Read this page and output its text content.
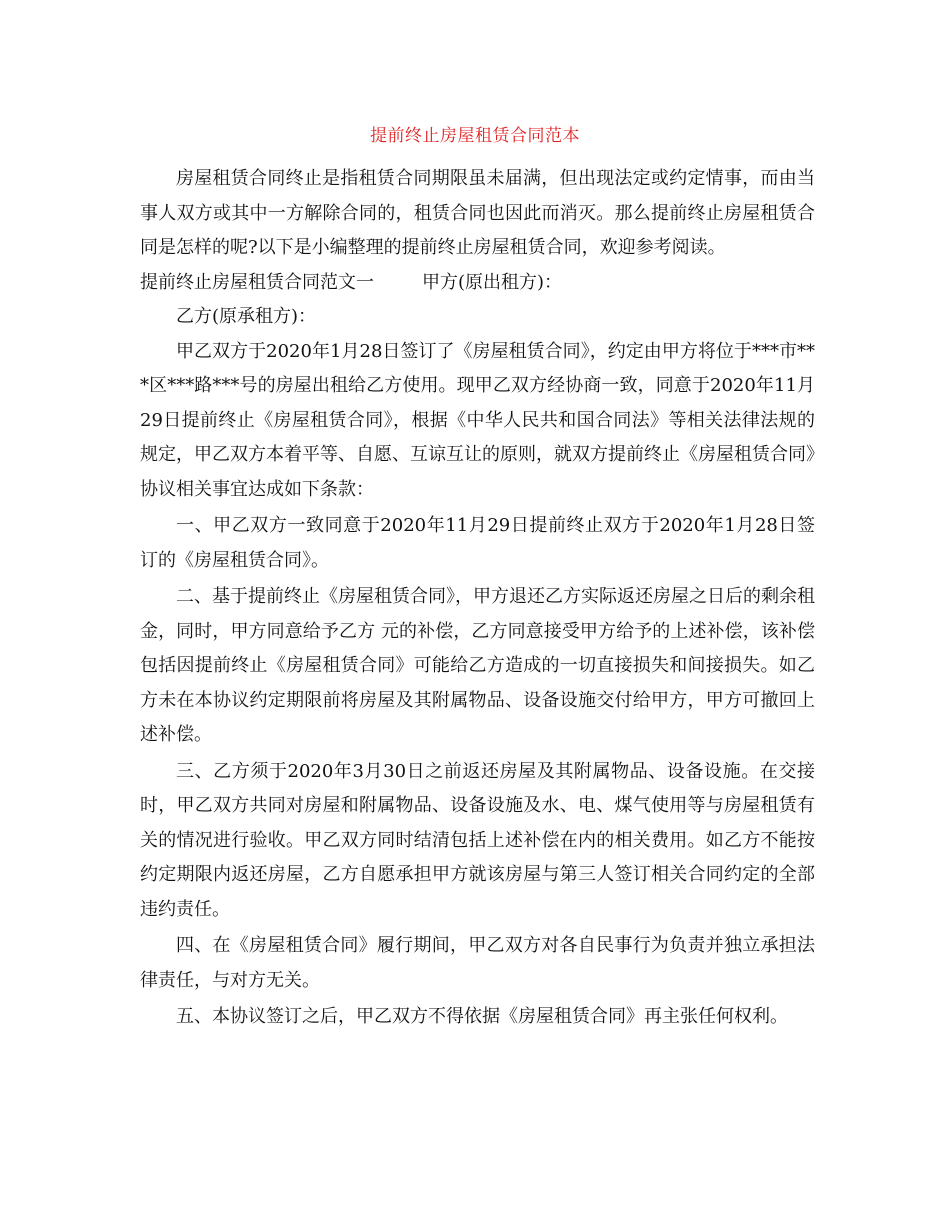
提前终止房屋租赁合同范本

房屋租赁合同终止是指租赁合同期限虽未届满，但出现法定或约定情事，而由当事人双方或其中一方解除合同的，租赁合同也因此而消灭。那么提前终止房屋租赁合同是怎样的呢?以下是小编整理的提前终止房屋租赁合同，欢迎参考阅读。

提前终止房屋租赁合同范文一	甲方(原出租方)：

乙方(原承租方)：

甲乙双方于2020年1月28日签订了《房屋租赁合同》，约定由甲方将位于***市***区***路***号的房屋出租给乙方使用。现甲乙双方经协商一致，同意于2020年11月29日提前终止《房屋租赁合同》，根据《中华人民共和国合同法》等相关法律法规的规定，甲乙双方本着平等、自愿、互谅互让的原则，就双方提前终止《房屋租赁合同》协议相关事宜达成如下条款：

一、甲乙双方一致同意于2020年11月29日提前终止双方于2020年1月28日签订的《房屋租赁合同》。

二、基于提前终止《房屋租赁合同》，甲方退还乙方实际返还房屋之日后的剩余租金，同时，甲方同意给予乙方 元的补偿，乙方同意接受甲方给予的上述补偿，该补偿包括因提前终止《房屋租赁合同》可能给乙方造成的一切直接损失和间接损失。如乙方未在本协议约定期限前将房屋及其附属物品、设备设施交付给甲方，甲方可撤回上述补偿。

三、乙方须于2020年3月30日之前返还房屋及其附属物品、设备设施。在交接时，甲乙双方共同对房屋和附属物品、设备设施及水、电、煤气使用等与房屋租赁有关的情况进行验收。甲乙双方同时结清包括上述补偿在内的相关费用。如乙方不能按约定期限内返还房屋，乙方自愿承担甲方就该房屋与第三人签订相关合同约定的全部违约责任。

四、在《房屋租赁合同》履行期间，甲乙双方对各自民事行为负责并独立承担法律责任，与对方无关。

五、本协议签订之后，甲乙双方不得依据《房屋租赁合同》再主张任何权利。
